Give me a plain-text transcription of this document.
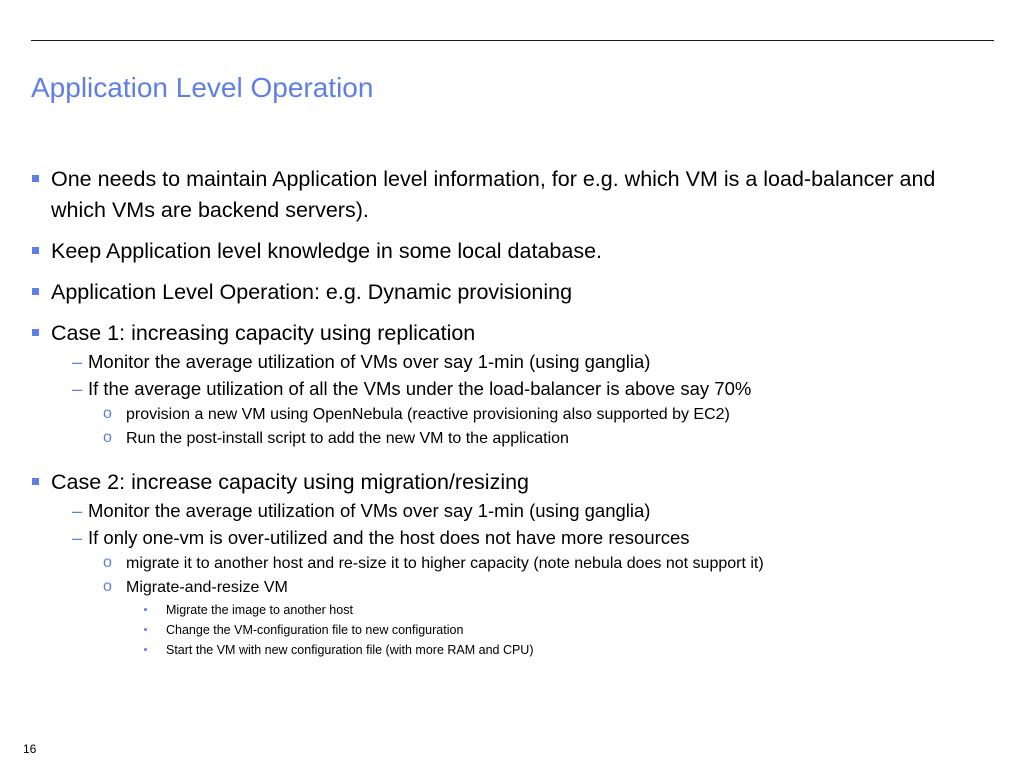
Application Level Operation
One needs to maintain Application level information, for e.g. which VM is a load-balancer and which VMs are backend servers).
Keep Application level knowledge in some local database.
Application Level Operation: e.g. Dynamic provisioning
Case 1: increasing capacity using replication
– Monitor the average utilization of VMs over say 1-min (using ganglia)
– If the average utilization of all the VMs under the load-balancer is above say 70%
o provision a new VM using OpenNebula (reactive provisioning also supported by EC2)
o Run the post-install script to add the new VM to the application
Case 2: increase capacity using migration/resizing
– Monitor the average utilization of VMs over say 1-min (using ganglia)
– If only one-vm is over-utilized and the host does not have more resources
o migrate it to another host and re-size it to higher capacity (note nebula does not support it)
o Migrate-and-resize VM
Migrate the image to another host
Change the VM-configuration file to new configuration
Start the VM with new configuration file (with more RAM and CPU)
16
